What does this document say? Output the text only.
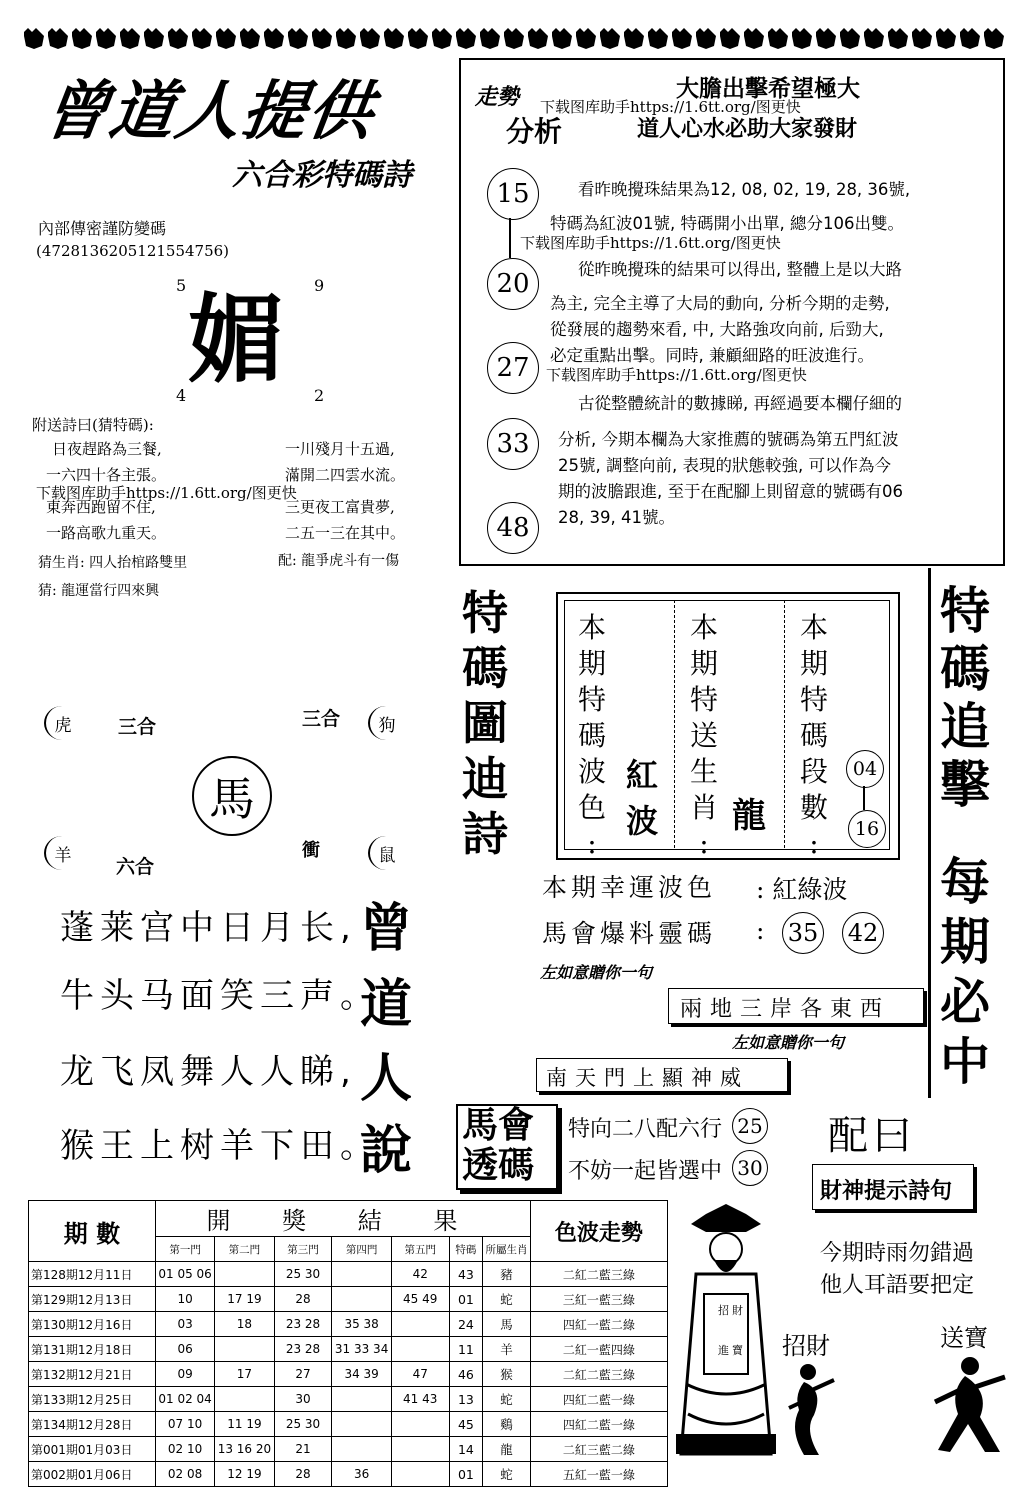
曾道人提供
六合彩特碼詩
內部傳密謹防變碼
(4728136205121554756)
5	9
媚
4	2
附送詩曰(猜特碼):
日夜趕路為三餐,	一川殘月十五過,
一六四十各主張。	滿開二四雲水流。
下载图库助手https://1.6tt.org/图更快
東奔西跑留不住,	三更夜工富貴夢,
一路高歌九重天。	二五一三在其中。
猜生肖: 四人抬棺路雙里	配: 龍爭虎斗有一傷
猜: 龍運當行四來興
走勢
分析
大膽出擊希望極大
下载图库助手https://1.6tt.org/图更快
道人心水必助大家發財
15
20
27
33
48
看昨晚攪珠結果為12, 08, 02, 19, 28, 36號,
特碼為紅波01號, 特碼開小出單, 總分106出雙。
下载图库助手https://1.6tt.org/图更快
從昨晚攪珠的結果可以得出, 整體上是以大路
為主, 完全主導了大局的動向, 分析今期的走勢,
從發展的趨勢來看, 中, 大路強攻向前, 后勁大,
必定重點出擊。同時, 兼顧細路的旺波進行。
下载图库助手https://1.6tt.org/图更快
古從整體統計的數據睇, 再經過要本欄仔細的
分析, 今期本欄為大家推薦的號碼為第五門紅波
25號, 調整向前, 表現的狀態較強, 可以作為今
期的波膽跟進, 至于在配腳上則留意的號碼有06
28, 39, 41號。
虎	三合	三合	狗
馬
衝
羊
六合
鼠
蓬莱宫中日月长,
牛头马面笑三声。
龙飞凤舞人人睇,
猴王上树羊下田。
曾
道
人
說
特
碼
圖
迪
詩
本
期
特
碼
波
色
:
紅
波
本
期
特
送
生
肖
:
龍
本
期
特
碼
段
數
:
04
16
本期幸運波色 : 紅綠波
馬會爆料靈碼 : 35 42
左如意贈你一句
兩地三岸各東西
左如意贈你一句
南天門上顯神威
特
碼
追
擊
每
期
必
中
馬會
透碼
特向二八配六行 25
不妨一起皆選中 30
配曰
財神提示詩句
今期時雨勿錯過
他人耳語要把定
招財	送寶
招 財
進 寶
期 數	開 獎 結 果							色波走勢
	第一門	第二門	第三門	第四門	第五門	特碼	所屬生肖	
第128期12月11日	01 05 06		25 30		42	43	豬	二紅二藍三綠
第129期12月13日	10	17 19	28		45 49	01	蛇	三紅一藍三綠
第130期12月16日	03	18	23 28	35 38		24	馬	四紅一藍二綠
第131期12月18日	06		23 28	31 33 34		11	羊	二紅一藍四綠
第132期12月21日	09	17	27	34 39	47	46	猴	二紅二藍三綠
第133期12月25日	01 02 04		30		41 43	13	蛇	四紅二藍一綠
第134期12月28日	07 10	11 19	25 30			45	鷄	四紅二藍一綠
第001期01月03日	02 10	13 16 20	21			14	龍	二紅三藍二綠
第002期01月06日	02 08	12 19	28	36		01	蛇	五紅一藍一綠
